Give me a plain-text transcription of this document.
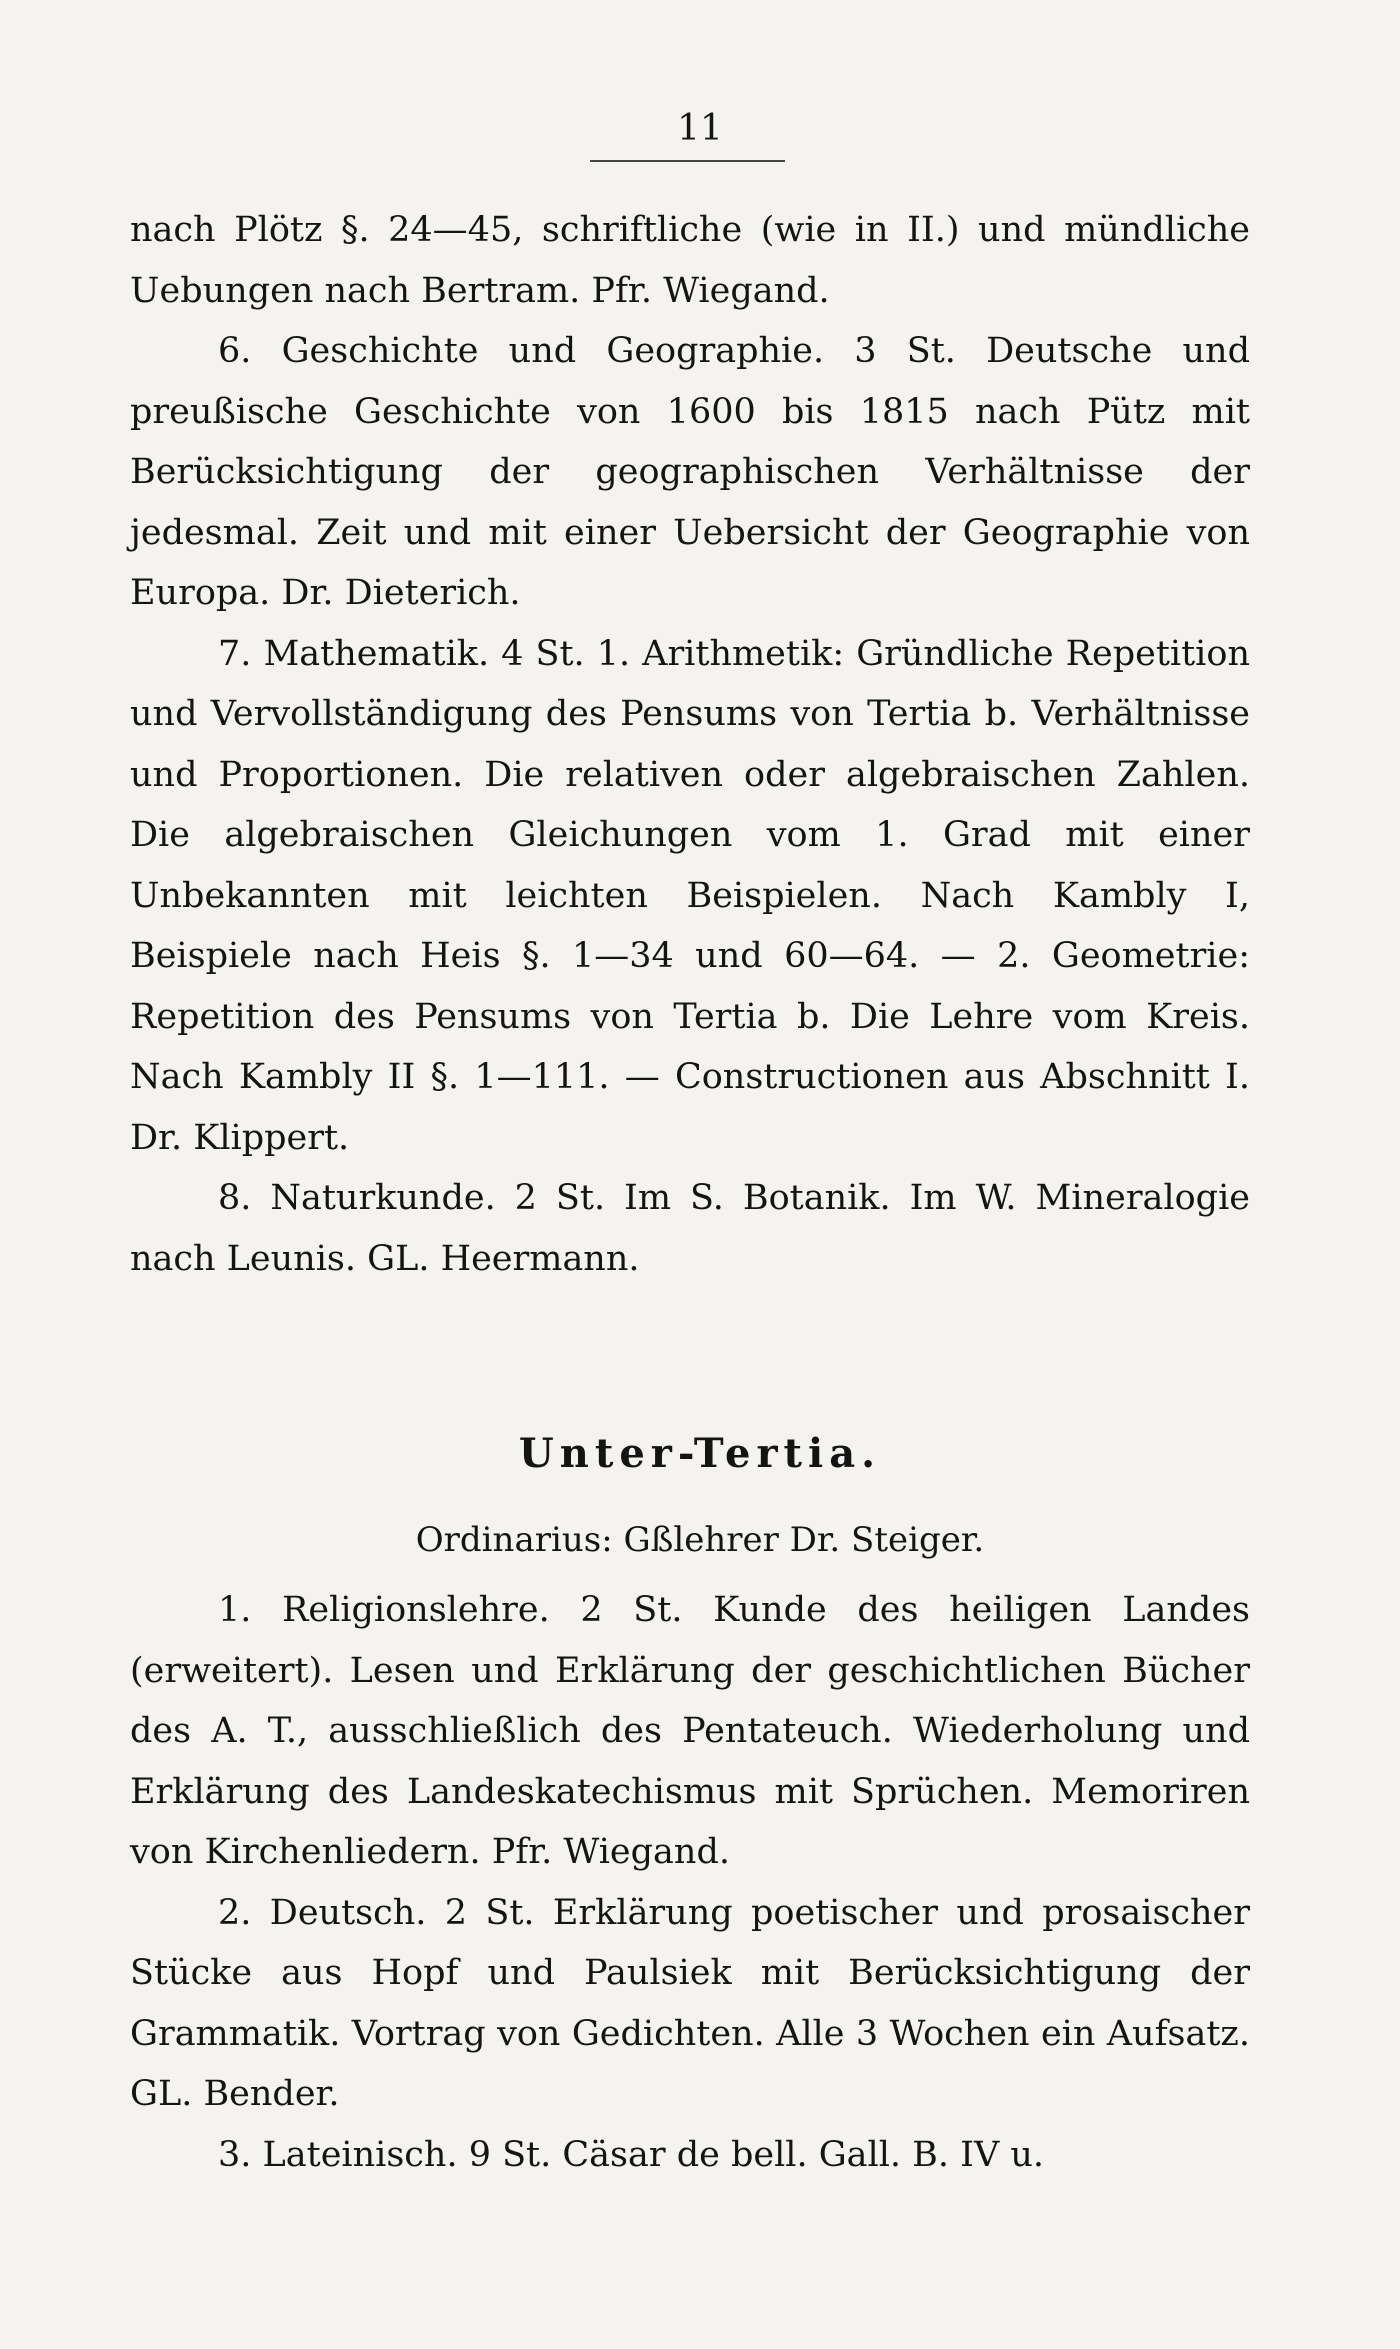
11

nach Plötz §. 24—45, schriftliche (wie in II.) und mündliche Uebungen nach Bertram. Pfr. Wiegand.

6. Geschichte und Geographie. 3 St. Deutsche und preußische Geschichte von 1600 bis 1815 nach Pütz mit Berücksichtigung der geographischen Verhältnisse der jedesmal. Zeit und mit einer Uebersicht der Geographie von Europa. Dr. Dieterich.

7. Mathematik. 4 St. 1. Arithmetik: Gründliche Repetition und Vervollständigung des Pensums von Tertia b. Verhältnisse und Proportionen. Die relativen oder algebraischen Zahlen. Die algebraischen Gleichungen vom 1. Grad mit einer Unbekannten mit leichten Beispielen. Nach Kambly I, Beispiele nach Heis §. 1—34 und 60—64. — 2. Geometrie: Repetition des Pensums von Tertia b. Die Lehre vom Kreis. Nach Kambly II §. 1—111. — Constructionen aus Abschnitt I. Dr. Klippert.

8. Naturkunde. 2 St. Im S. Botanik. Im W. Mineralogie nach Leunis. GL. Heermann.

Unter-Tertia.
Ordinarius: Gßlehrer Dr. Steiger.

1. Religionslehre. 2 St. Kunde des heiligen Landes (erweitert). Lesen und Erklärung der geschichtlichen Bücher des A. T., ausschließlich des Pentateuch. Wiederholung und Erklärung des Landeskatechismus mit Sprüchen. Memoriren von Kirchenliedern. Pfr. Wiegand.

2. Deutsch. 2 St. Erklärung poetischer und prosaischer Stücke aus Hopf und Paulsiek mit Berücksichtigung der Grammatik. Vortrag von Gedichten. Alle 3 Wochen ein Aufsatz. GL. Bender.

3. Lateinisch. 9 St. Cäsar de bell. Gall. B. IV u.
